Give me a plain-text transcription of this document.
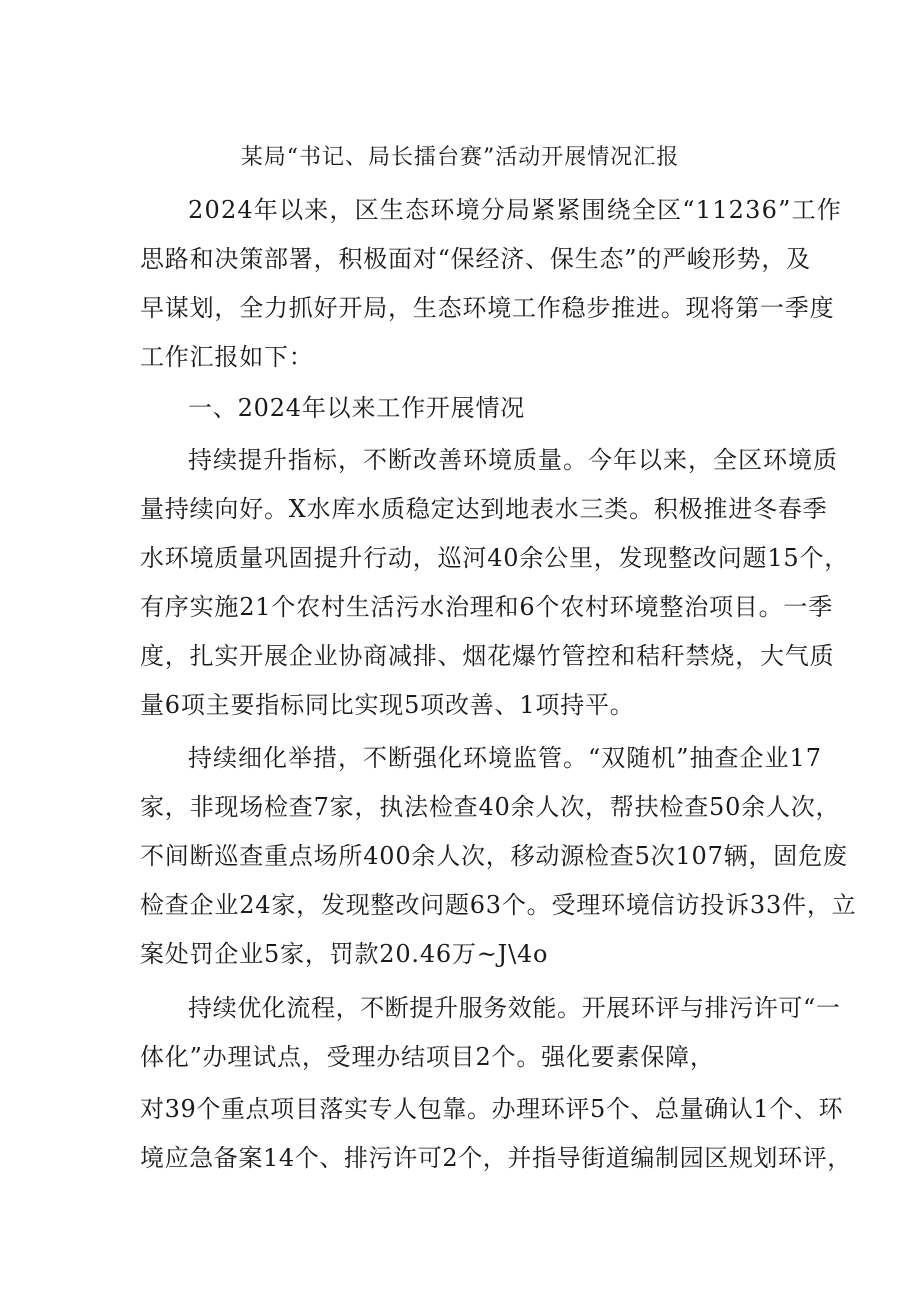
某局“书记、局长擂台赛”活动开展情况汇报
2024年以来，区生态环境分局紧紧围绕全区“11236”工作
思路和决策部署，积极面对“保经济、保生态”的严峻形势，及
早谋划，全力抓好开局，生态环境工作稳步推进。现将第一季度
工作汇报如下：
一、2024年以来工作开展情况
持续提升指标，不断改善环境质量。今年以来，全区环境质
量持续向好。X水库水质稳定达到地表水三类。积极推进冬春季
水环境质量巩固提升行动，巡河40余公里，发现整改问题15个，
有序实施21个农村生活污水治理和6个农村环境整治项目。一季
度，扎实开展企业协商减排、烟花爆竹管控和秸秆禁烧，大气质
量6项主要指标同比实现5项改善、1项持平。
持续细化举措，不断强化环境监管。“双随机”抽查企业17
家，非现场检查7家，执法检查40余人次，帮扶检查50余人次，
不间断巡查重点场所400余人次，移动源检查5次107辆，固危废
检查企业24家，发现整改问题63个。受理环境信访投诉33件，立
案处罚企业5家，罚款20.46万~J\4o
持续优化流程，不断提升服务效能。开展环评与排污许可“一
体化”办理试点，受理办结项目2个。强化要素保障，
对39个重点项目落实专人包靠。办理环评5个、总量确认1个、环
境应急备案14个、排污许可2个，并指导街道编制园区规划环评，
